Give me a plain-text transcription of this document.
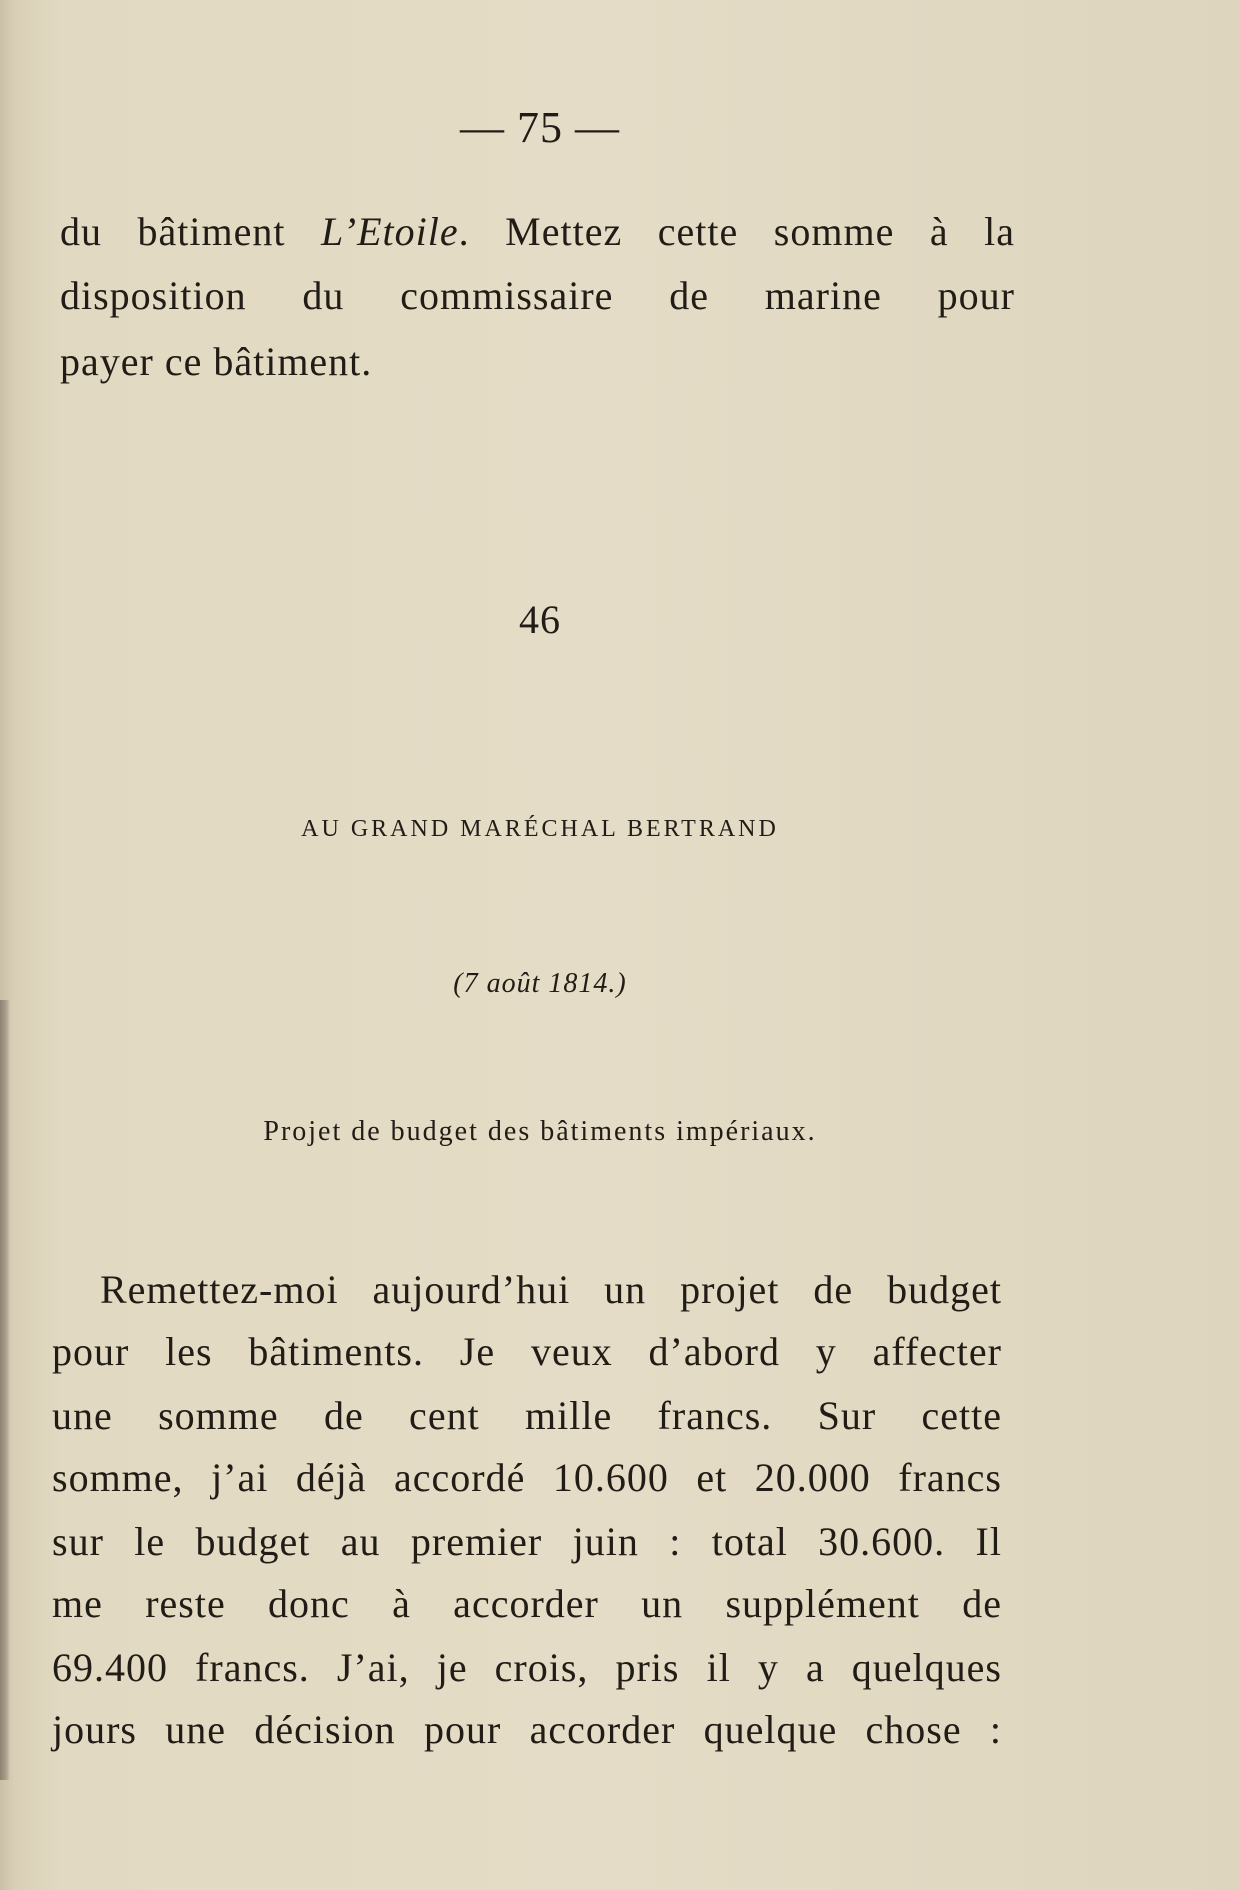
— 75 —
du bâtiment L’Etoile. Mettez cette somme à la
disposition du commissaire de marine pour
payer ce bâtiment.
46
AU GRAND MARÉCHAL BERTRAND
(7 août 1814.)
Projet de budget des bâtiments impériaux.
Remettez-moi aujourd’hui un projet de budget
pour les bâtiments. Je veux d’abord y affecter
une somme de cent mille francs. Sur cette
somme, j’ai déjà accordé 10.600 et 20.000 francs
sur le budget au premier juin : total 30.600. Il
me reste donc à accorder un supplément de
69.400 francs. J’ai, je crois, pris il y a quelques
jours une décision pour accorder quelque chose :
